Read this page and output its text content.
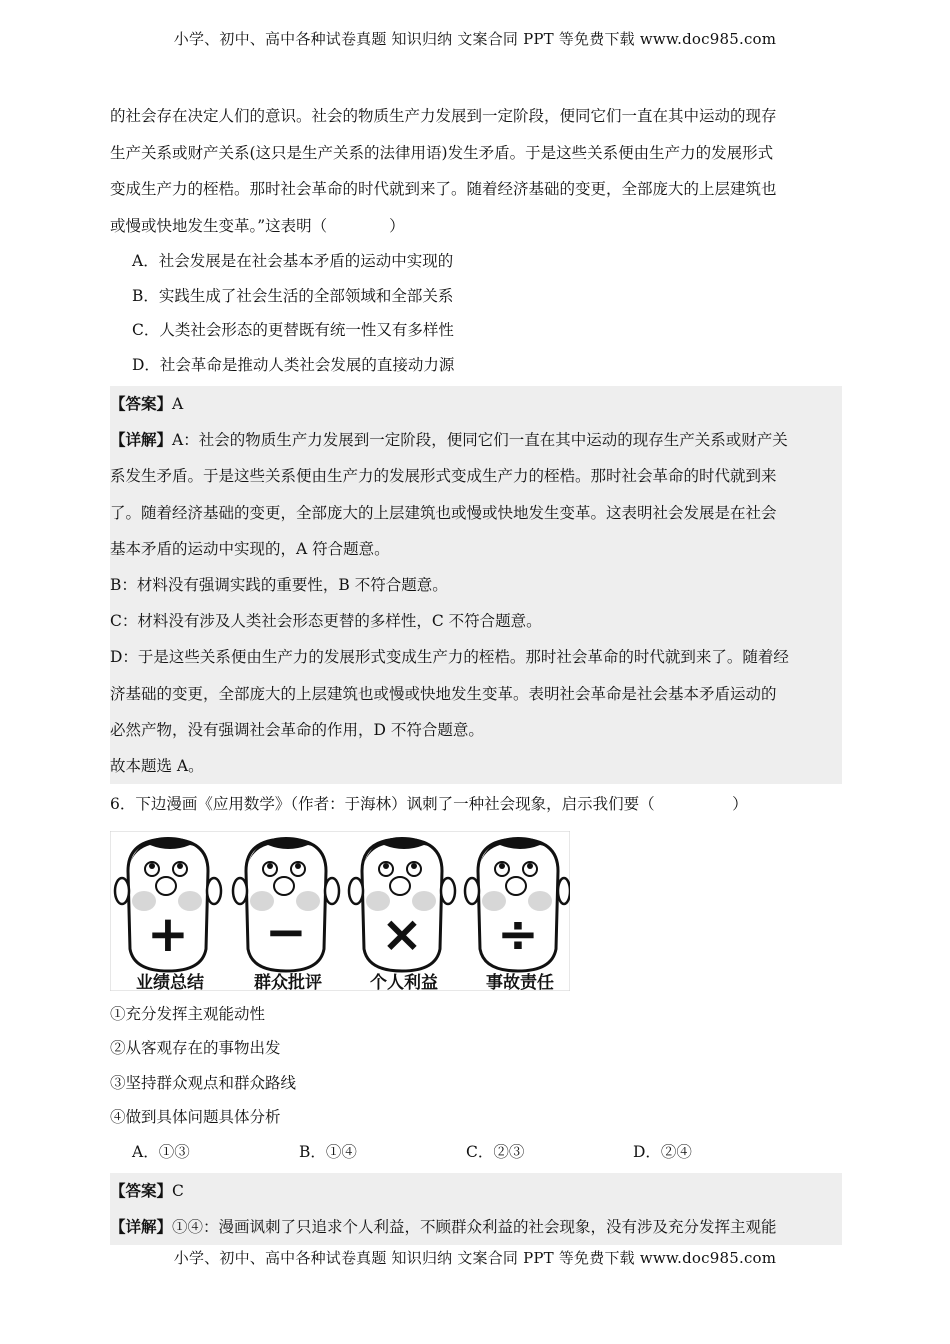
小学、初中、高中各种试卷真题 知识归纳 文案合同 PPT 等免费下载 www.doc985.com
的社会存在决定人们的意识。社会的物质生产力发展到一定阶段，便同它们一直在其中运动的现存
生产关系或财产关系(这只是生产关系的法律用语)发生矛盾。于是这些关系便由生产力的发展形式
变成生产力的桎梏。那时社会革命的时代就到来了。随着经济基础的变更，全部庞大的上层建筑也
或慢或快地发生变革。”这表明（　　　　）
A．社会发展是在社会基本矛盾的运动中实现的
B．实践生成了社会生活的全部领域和全部关系
C．人类社会形态的更替既有统一性又有多样性
D．社会革命是推动人类社会发展的直接动力源
【答案】A
【详解】A：社会的物质生产力发展到一定阶段，便同它们一直在其中运动的现存生产关系或财产关
系发生矛盾。于是这些关系便由生产力的发展形式变成生产力的桎梏。那时社会革命的时代就到来
了。随着经济基础的变更，全部庞大的上层建筑也或慢或快地发生变革。这表明社会发展是在社会
基本矛盾的运动中实现的，A 符合题意。
B：材料没有强调实践的重要性，B 不符合题意。
C：材料没有涉及人类社会形态更替的多样性，C 不符合题意。
D：于是这些关系便由生产力的发展形式变成生产力的桎梏。那时社会革命的时代就到来了。随着经
济基础的变更，全部庞大的上层建筑也或慢或快地发生变革。表明社会革命是社会基本矛盾运动的
必然产物，没有强调社会革命的作用，D 不符合题意。
故本题选 A。
6．下边漫画《应用数学》（作者：于海林）讽刺了一种社会现象，启示我们要（　　　　　）
+ − × ÷
业绩总结	群众批评	个人利益	事故责任
①充分发挥主观能动性
②从客观存在的事物出发
③坚持群众观点和群众路线
④做到具体问题具体分析
A．①③	B．①④	C．②③	D．②④
【答案】C
【详解】①④：漫画讽刺了只追求个人利益，不顾群众利益的社会现象，没有涉及充分发挥主观能
小学、初中、高中各种试卷真题 知识归纳 文案合同 PPT 等免费下载 www.doc985.com
